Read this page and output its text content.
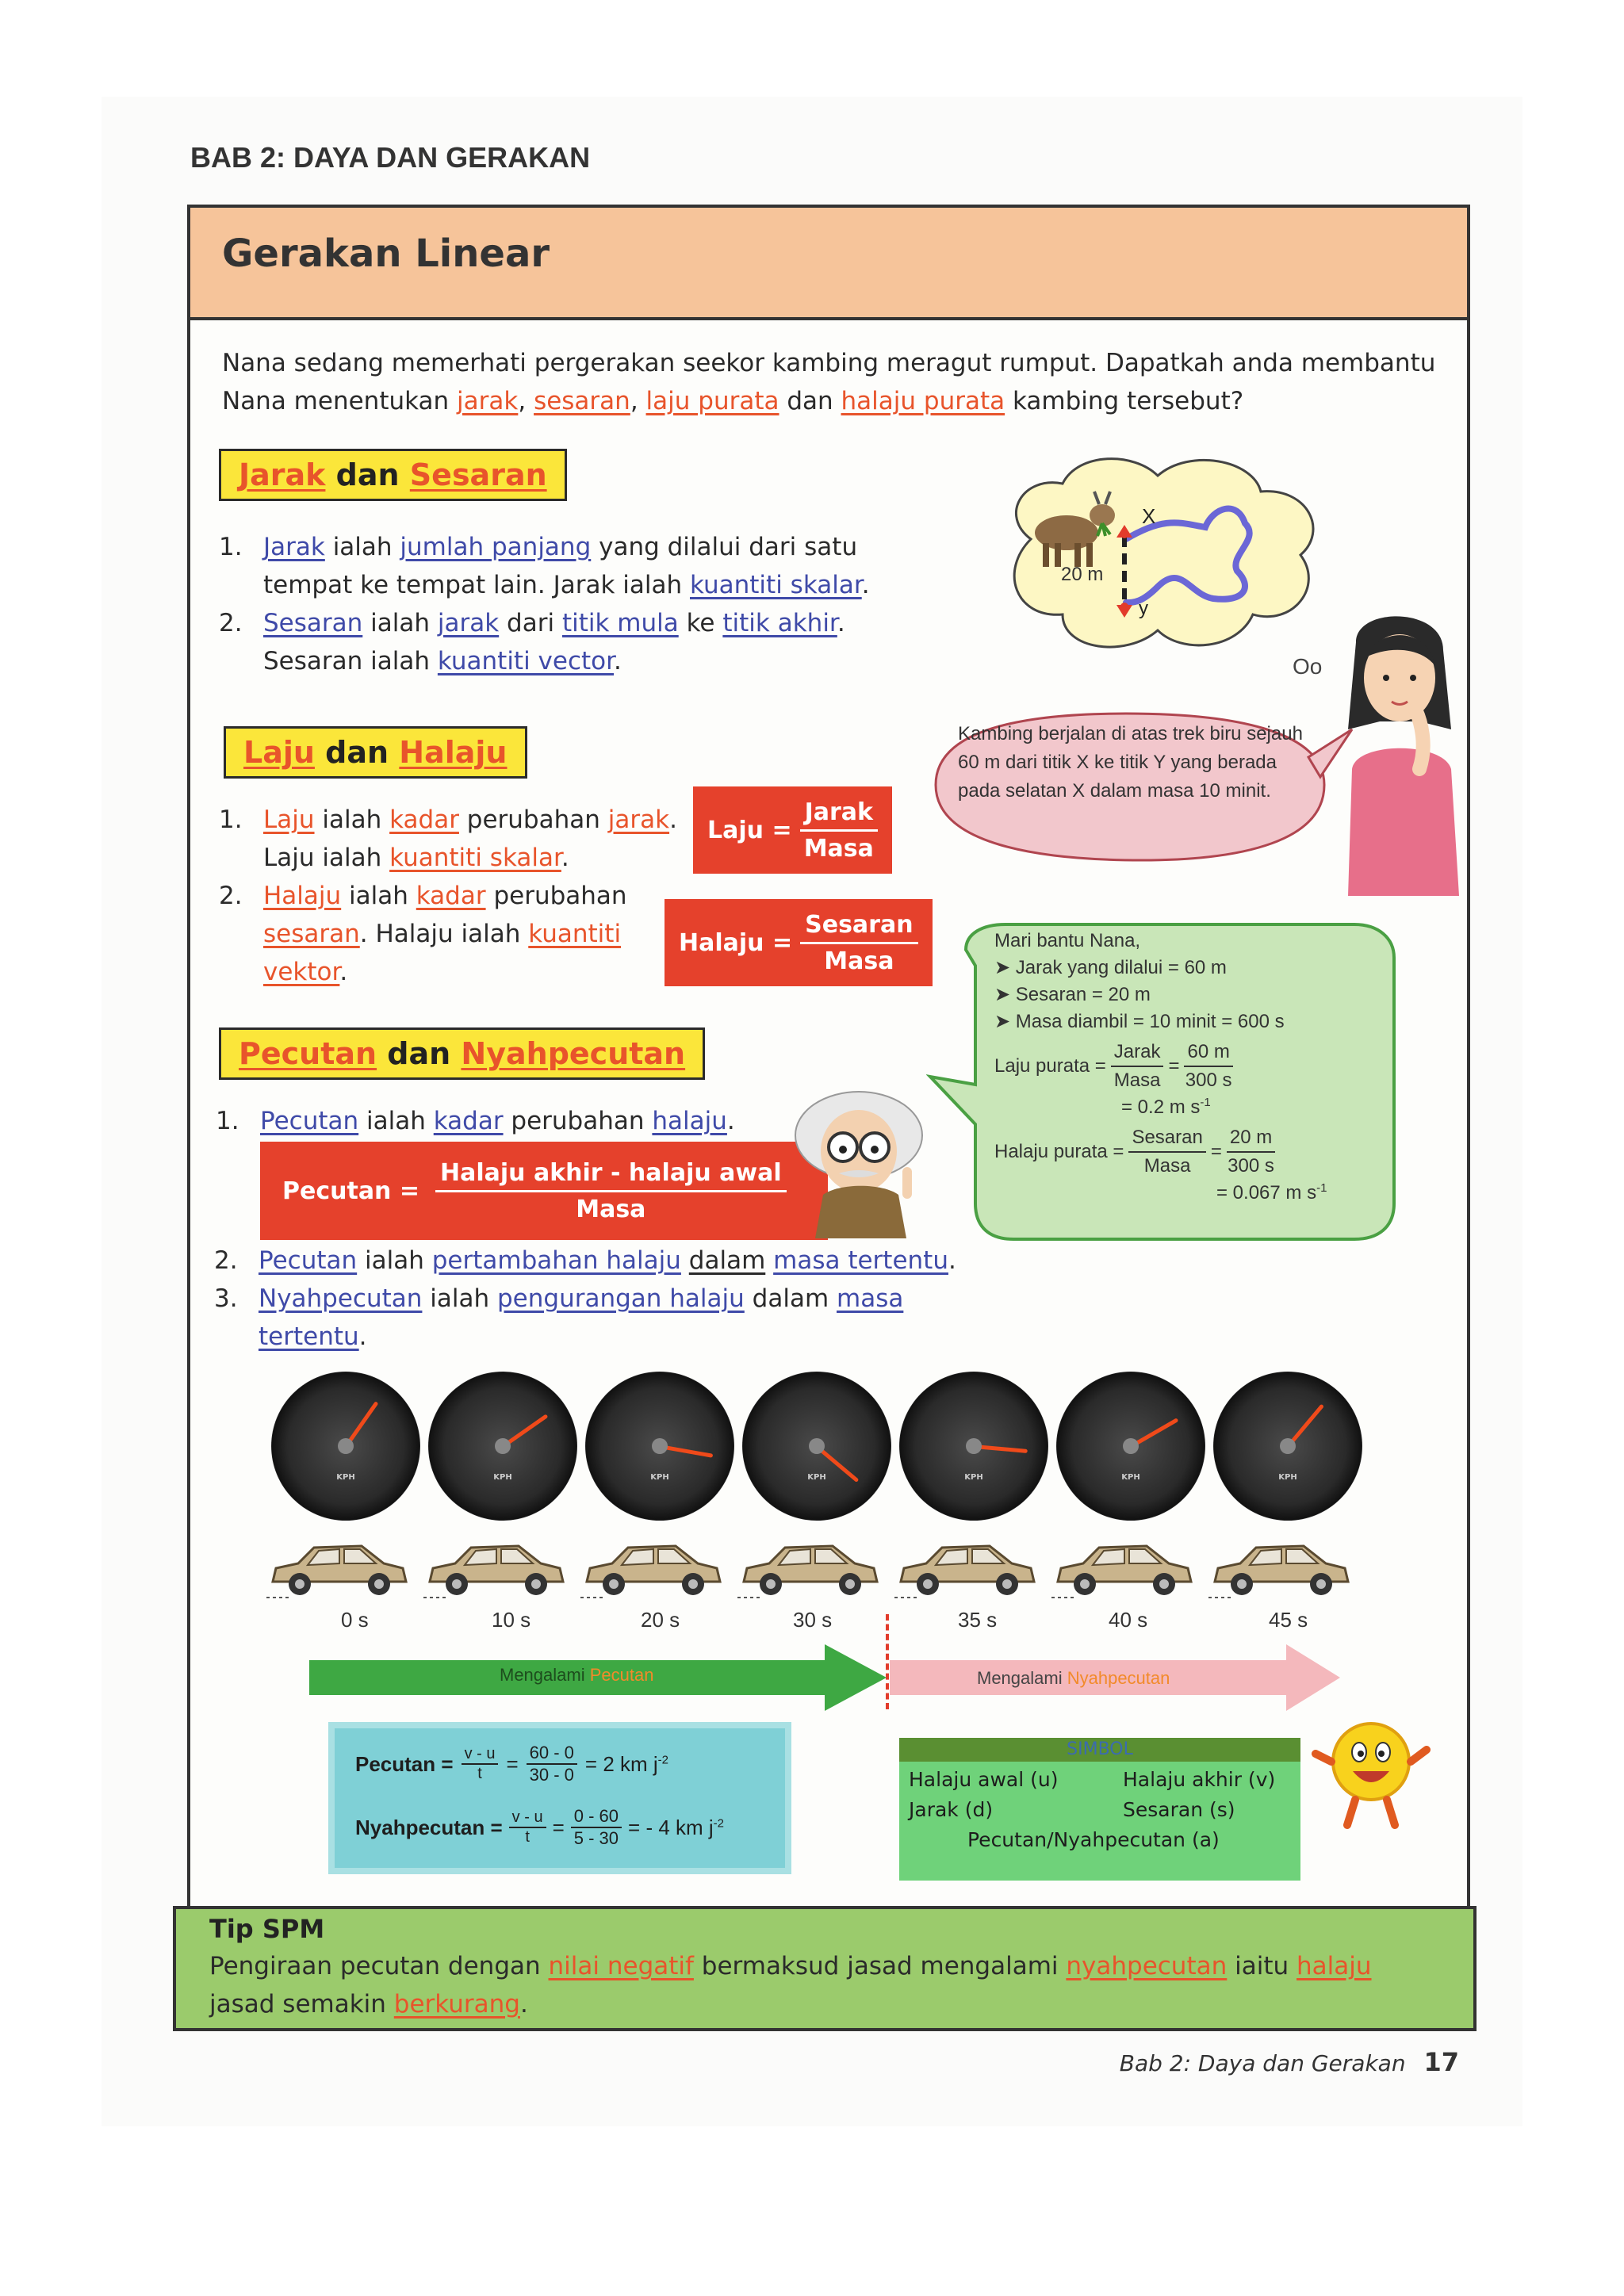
BAB 2: DAYA DAN GERAKAN
Gerakan Linear
Nana sedang memerhati pergerakan seekor kambing meragut rumput. Dapatkah anda membantu
Nana menentukan jarak, sesaran, laju purata dan halaju purata kambing tersebut?
Jarak dan Sesaran
1. Jarak ialah jumlah panjang yang dilalui dari satu
tempat ke tempat lain. Jarak ialah kuantiti skalar.
2. Sesaran ialah jarak dari titik mula ke titik akhir.
Sesaran ialah kuantiti vector.
20 m
X
y
Oo
Kambing berjalan di atas trek biru sejauh 60 m dari titik X ke titik Y yang berada pada selatan X dalam masa 10 minit.
Laju dan Halaju
1. Laju ialah kadar perubahan jarak.
Laju ialah kuantiti skalar.
2. Halaju ialah kadar perubahan
sesaran. Halaju ialah kuantiti
vektor.
Laju = $\frac{\text{Jarak}}{\text{Masa}}$
Halaju = $\frac{\text{Sesaran}}{\text{Masa}}$	Mari bantu Nana,
➤ Jarak yang dilalui = 60 m
➤ Sesaran = 20 m
➤ Masa diambil = 10 minit = 600 s
Laju purata =
Jarak
Masa
= $\frac{60 m}{300 s}$
= 0.2 m $s^{-1}$
Halaju purata =
Sesaran
Masa
= $\frac{20 m}{300 s}$
= 0.067 m $s^{-1}$
Pecutan dan Nyahpecutan
1. Pecutan ialah kadar perubahan halaju.
Pecutan = $\frac{\text{Halaju akhir - halaju awal}}{\text{Masa}}$
2. Pecutan ialah pertambahan halaju dalam masa tertentu.
3. Nyahpecutan ialah pengurangan halaju dalam masa
tertentu.
KPH	KPH	KPH	KPH	KPH	KPH	KPH
0 s	10 s	20 s	30 s	35 s	40 s	45 s
Mengalami Pecutan	Mengalami Nyahpecutan
Pecutan = $\frac{v - u}{t} = \frac{60 - 0}{30 - 0} = 2$ km $j^{-2}$
Nyahpecutan = $\frac{v - u}{t} = \frac{0 - 60}{5 - 30}$ = - 4 km $j^{-2}$
SIMBOL
Halaju awal (u)	Halaju akhir (v)
Jarak (d)	Sesaran (s)
Pecutan/Nyahpecutan (a)
Tip SPM
Pengiraan pecutan dengan nilai negatif bermaksud jasad mengalami nyahpecutan iaitu halaju
jasad semakin berkurang.
Bab 2: Daya dan Gerakan 17
